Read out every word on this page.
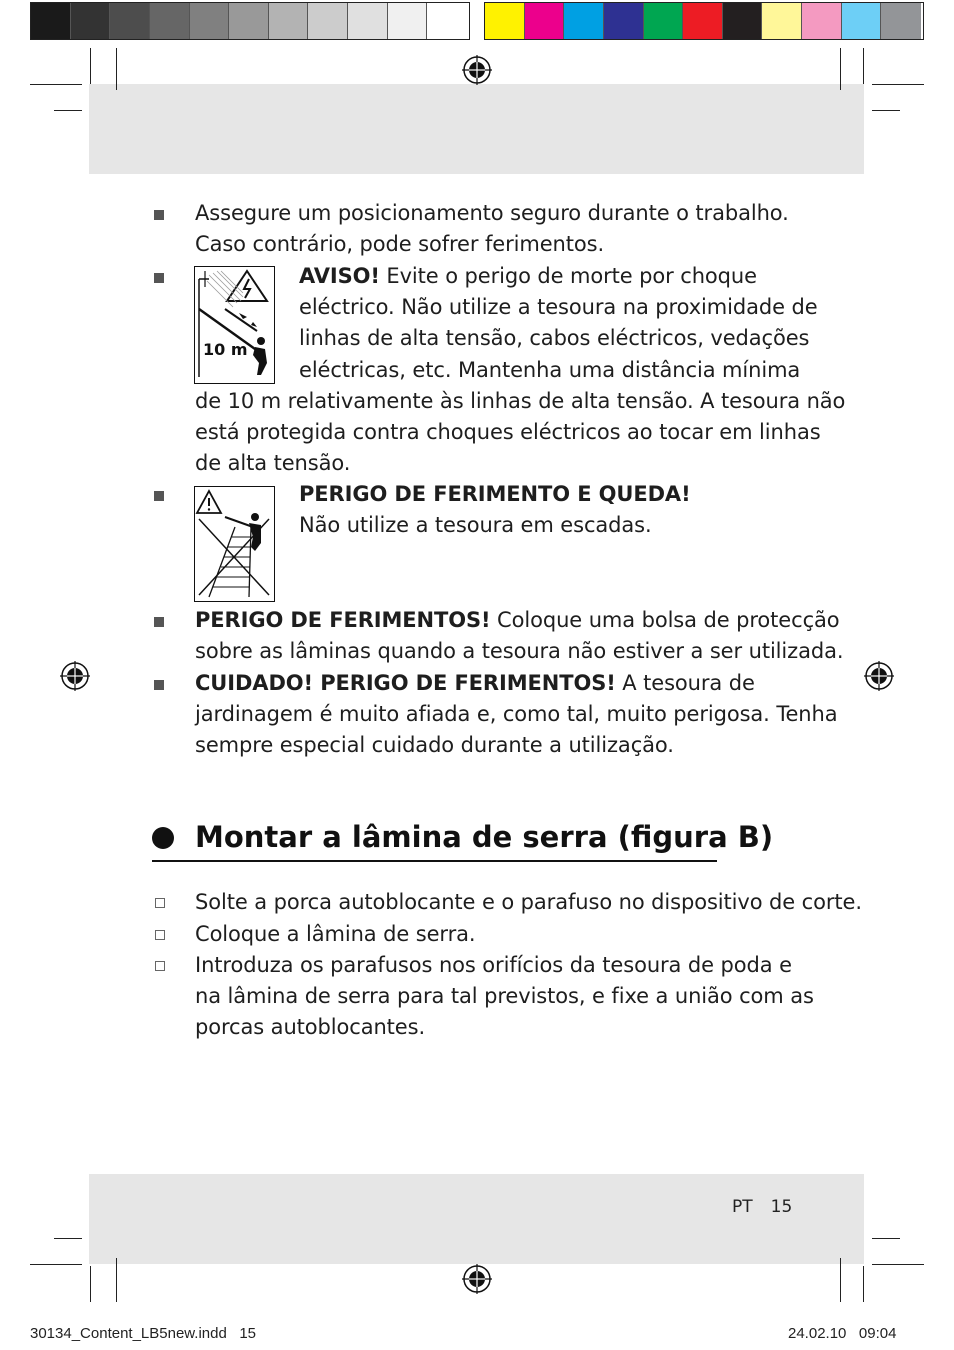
Assegure um posicionamento seguro durante o trabalho.
Caso contrário, pode sofrer ferimentos.
10 m
AVISO! Evite o perigo de morte por choque
eléctrico. Não utilize a tesoura na proximidade de
linhas de alta tensão, cabos eléctricos, vedações
eléctricas, etc. Mantenha uma distância mínima
de 10 m relativamente às linhas de alta tensão. A tesoura não
está protegida contra choques eléctricos ao tocar em linhas
de alta tensão.
PERIGO DE FERIMENTO E QUEDA!
Não utilize a tesoura em escadas.
PERIGO DE FERIMENTOS! Coloque uma bolsa de protecção
sobre as lâminas quando a tesoura não estiver a ser utilizada.
CUIDADO! PERIGO DE FERIMENTOS! A tesoura de
jardinagem é muito afiada e, como tal, muito perigosa. Tenha
sempre especial cuidado durante a utilização.
Montar a lâmina de serra (figura B)
Solte a porca autoblocante e o parafuso no dispositivo de corte.
Coloque a lâmina de serra.
Introduza os parafusos nos orifícios da tesoura de poda e
na lâmina de serra para tal previstos, e fixe a união com as
porcas autoblocantes.
PT 15
30134_Content_LB5new.indd   15	24.02.10   09:04
